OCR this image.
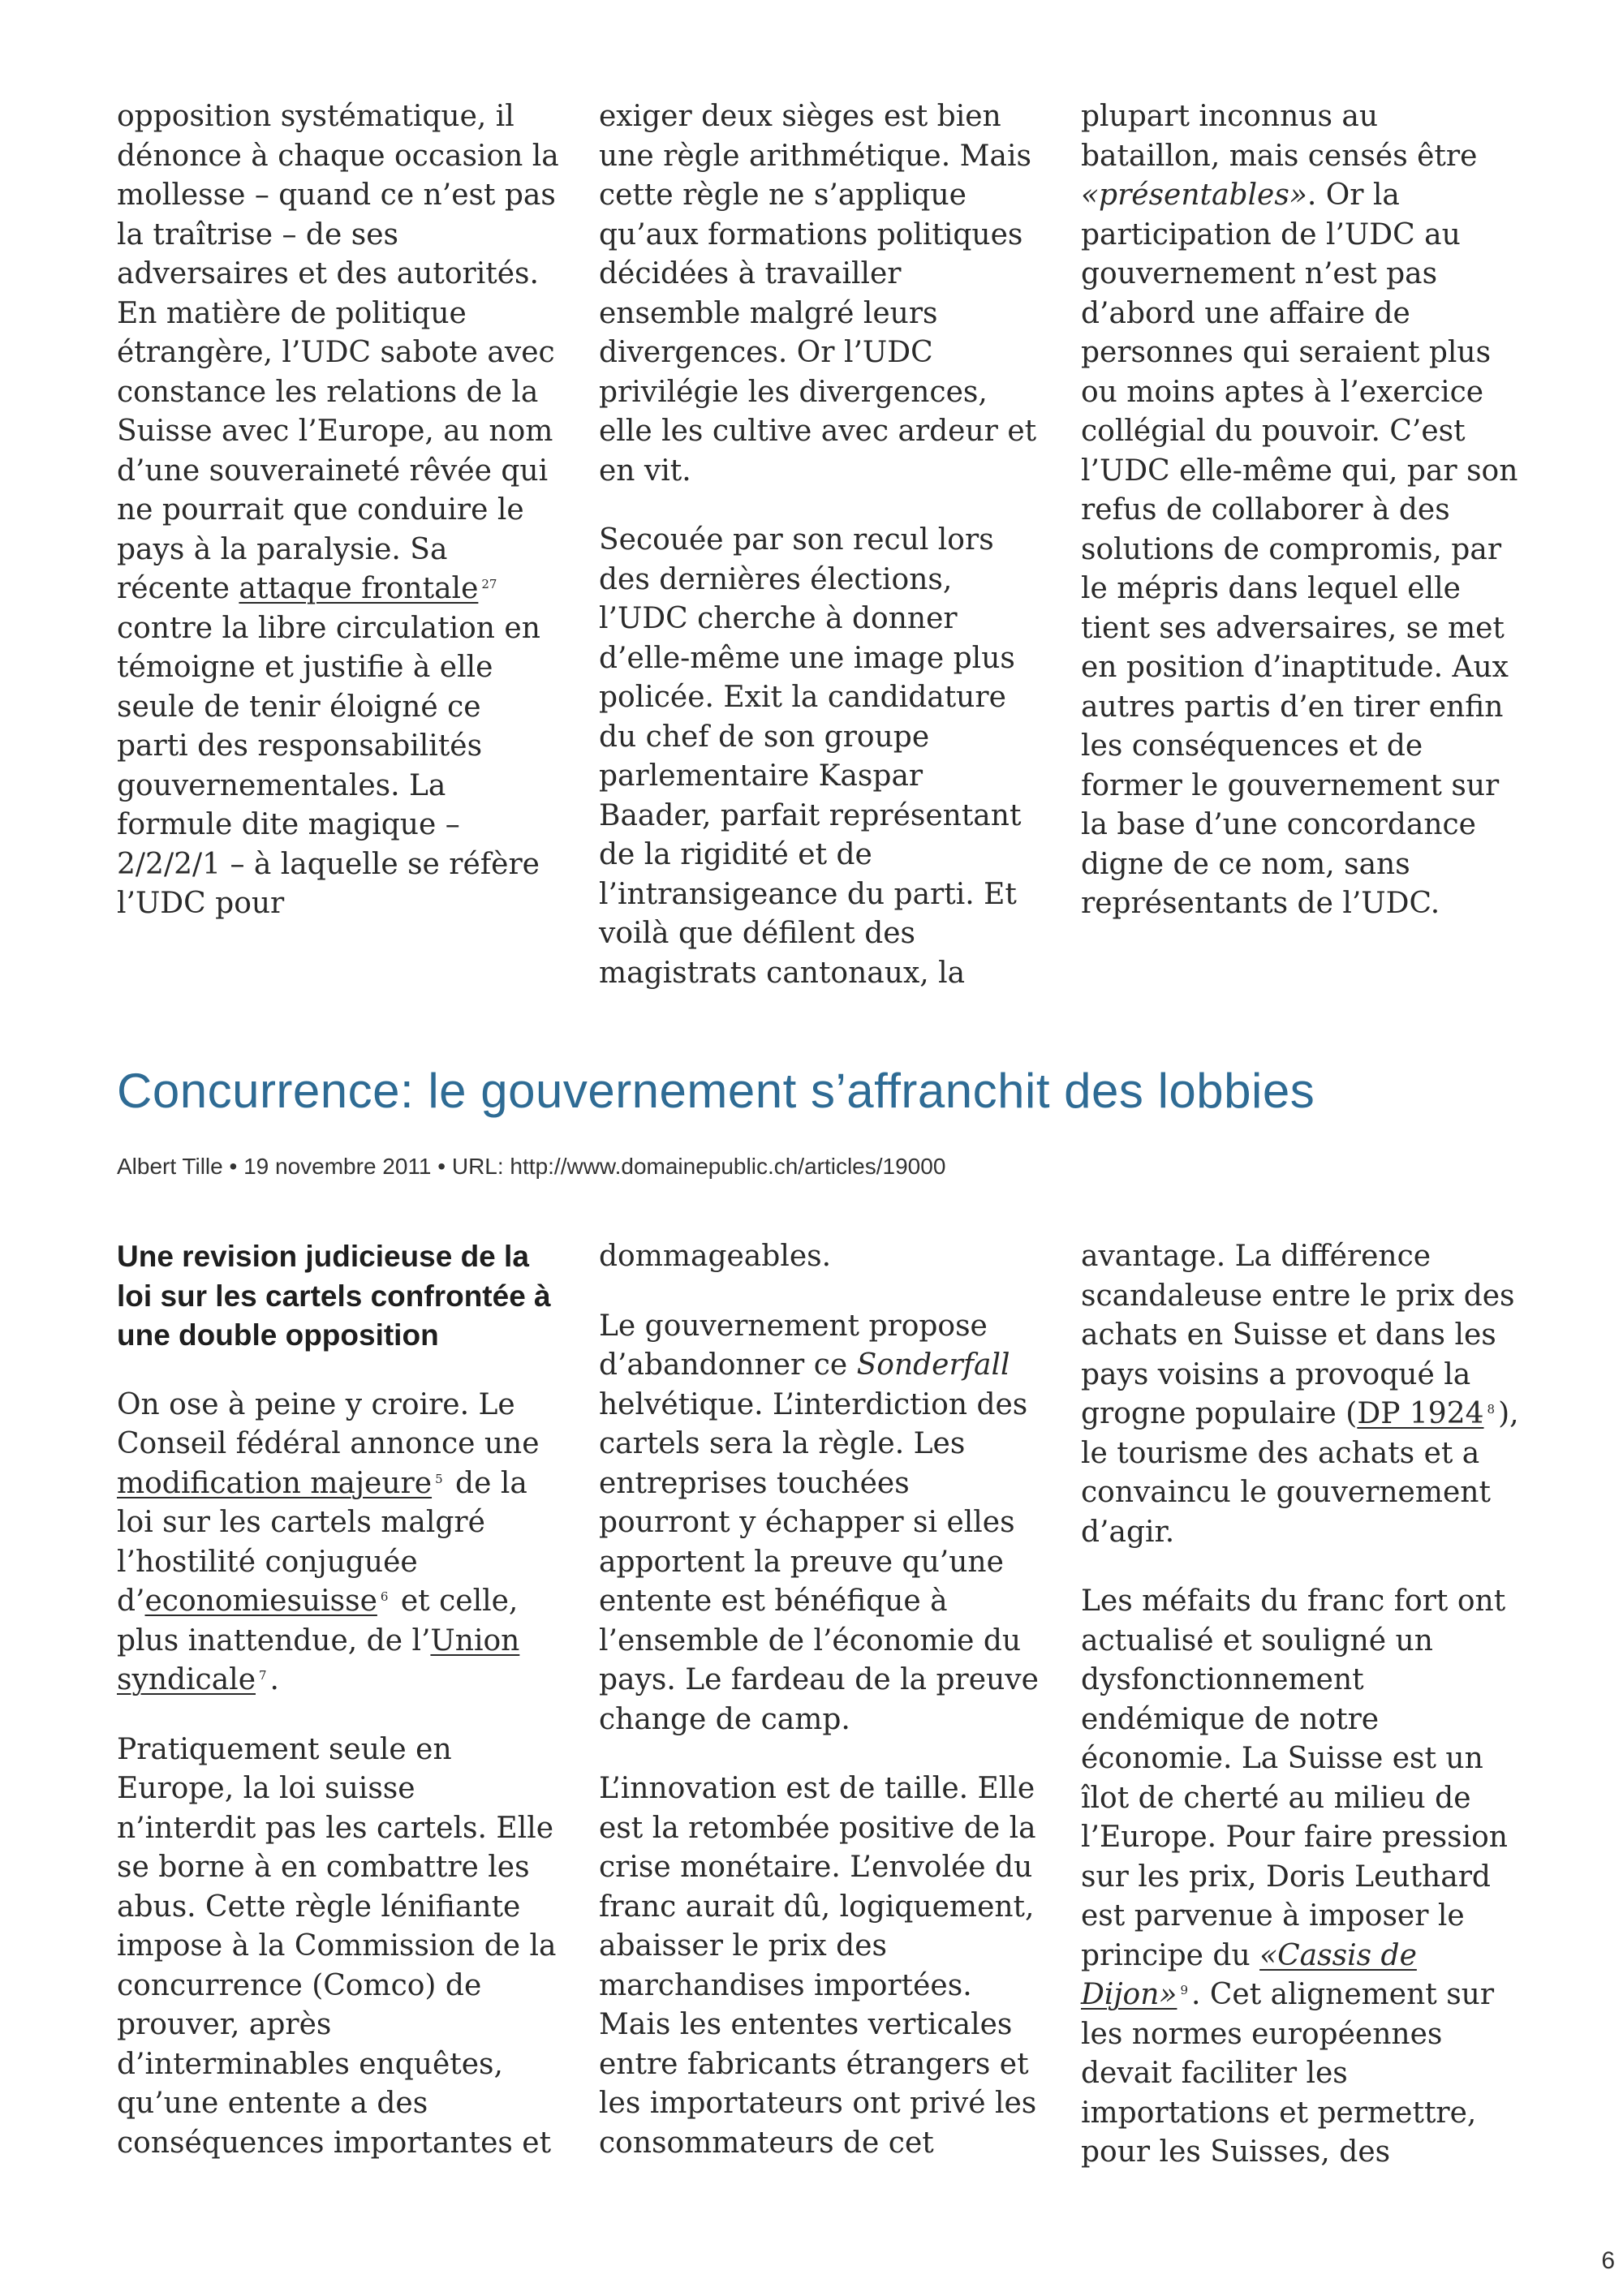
opposition systématique, il dénonce à chaque occasion la mollesse – quand ce n’est pas la traîtrise – de ses adversaires et des autorités. En matière de politique étrangère, l’UDC sabote avec constance les relations de la Suisse avec l’Europe, au nom d’une souveraineté rêvée qui ne pourrait que conduire le pays à la paralysie. Sa récente attaque frontale $^{27}$ contre la libre circulation en témoigne et justifie à elle seule de tenir éloigné ce parti des responsabilités gouvernementales. La formule dite magique – 2/2/2/1 – à laquelle se réfère l’UDC pour

exiger deux sièges est bien une règle arithmétique. Mais cette règle ne s’applique qu’aux formations politiques décidées à travailler ensemble malgré leurs divergences. Or l’UDC privilégie les divergences, elle les cultive avec ardeur et en vit.

Secouée par son recul lors des dernières élections, l’UDC cherche à donner d’elle-même une image plus policée. Exit la candidature du chef de son groupe parlementaire Kaspar Baader, parfait représentant de la rigidité et de l’intransigeance du parti. Et voilà que défilent des magistrats cantonaux, la

plupart inconnus au bataillon, mais censés être «présentables». Or la participation de l’UDC au gouvernement n’est pas d’abord une affaire de personnes qui seraient plus ou moins aptes à l’exercice collégial du pouvoir. C’est l’UDC elle-même qui, par son refus de collaborer à des solutions de compromis, par le mépris dans lequel elle tient ses adversaires, se met en position d’inaptitude. Aux autres partis d’en tirer enfin les conséquences et de former le gouvernement sur la base d’une concordance digne de ce nom, sans représentants de l’UDC.

Concurrence: le gouvernement s’affranchit des lobbies
Albert Tille • 19 novembre 2011 • URL: http://www.domainepublic.ch/articles/19000

Une revision judicieuse de la loi sur les cartels confrontée à une double opposition

On ose à peine y croire. Le Conseil fédéral annonce une modification majeure $^5$ de la loi sur les cartels malgré l’hostilité conjuguée d’economiesuisse $^6$ et celle, plus inattendue, de l’Union syndicale $^7$ .

Pratiquement seule en Europe, la loi suisse n’interdit pas les cartels. Elle se borne à en combattre les abus. Cette règle lénifiante impose à la Commission de la concurrence (Comco) de prouver, après d’interminables enquêtes, qu’une entente a des conséquences importantes et

dommageables.

Le gouvernement propose d’abandonner ce Sonderfall helvétique. L’interdiction des cartels sera la règle. Les entreprises touchées pourront y échapper si elles apportent la preuve qu’une entente est bénéfique à l’ensemble de l’économie du pays. Le fardeau de la preuve change de camp.

L’innovation est de taille. Elle est la retombée positive de la crise monétaire. L’envolée du franc aurait dû, logiquement, abaisser le prix des marchandises importées. Mais les ententes verticales entre fabricants étrangers et les importateurs ont privé les consommateurs de cet

avantage. La différence scandaleuse entre le prix des achats en Suisse et dans les pays voisins a provoqué la grogne populaire (DP 1924 $^8$ ), le tourisme des achats et a convaincu le gouvernement d’agir.

Les méfaits du franc fort ont actualisé et souligné un dysfonctionnement endémique de notre économie. La Suisse est un îlot de cherté au milieu de l’Europe. Pour faire pression sur les prix, Doris Leuthard est parvenue à imposer le principe du «Cassis de Dijon» $^9$ . Cet alignement sur les normes européennes devait faciliter les importations et permettre, pour les Suisses, des

6
